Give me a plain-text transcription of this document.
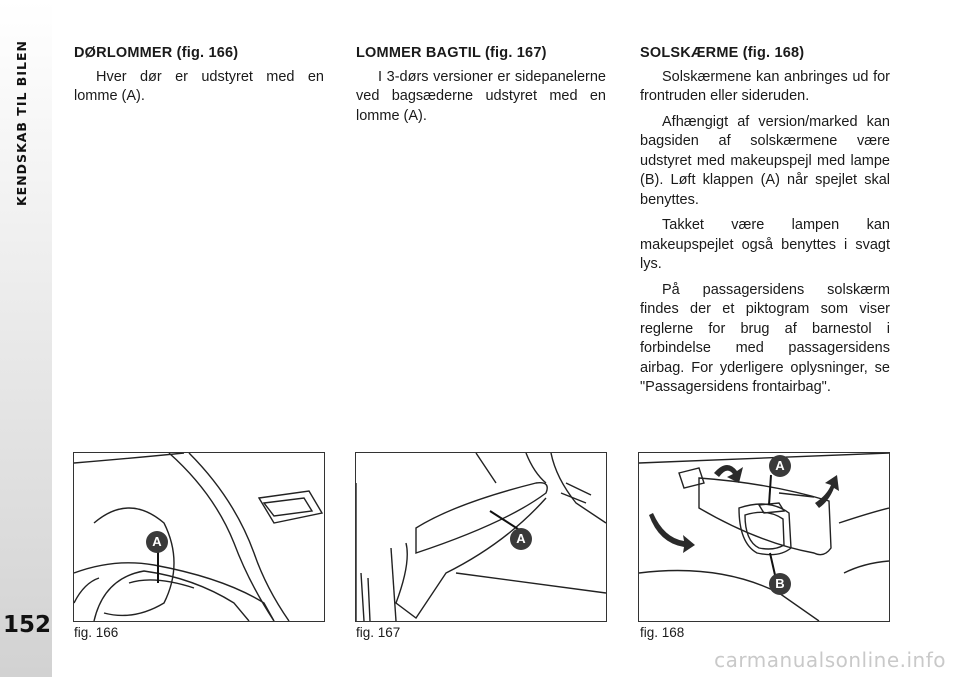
KENDSKAB TIL BILEN
152
DØRLOMMER (fig. 166)

Hver dør er udstyret med en lomme (A).

LOMMER BAGTIL (fig. 167)

I 3-dørs versioner er sidepanelerne ved bagsæderne udstyret med en lomme (A).

SOLSKÆRME (fig. 168)

Solskærmene kan anbringes ud for frontruden eller sideruden.

Afhængigt af version/marked kan bagsiden af solskærmene være udstyret med makeupspejl med lampe (B). Løft klappen (A) når spejlet skal benyttes.

Takket være lampen kan makeupspejlet også benyttes i svagt lys.

På passagersidens solskærm findes der et piktogram som viser reglerne for brug af barnestol i forbindelse med passagersidens airbag. For yderligere oplysninger, se "Passagersidens frontairbag".

A
fig. 166
A
fig. 167
A
B
fig. 168
carmanualsonline.info
